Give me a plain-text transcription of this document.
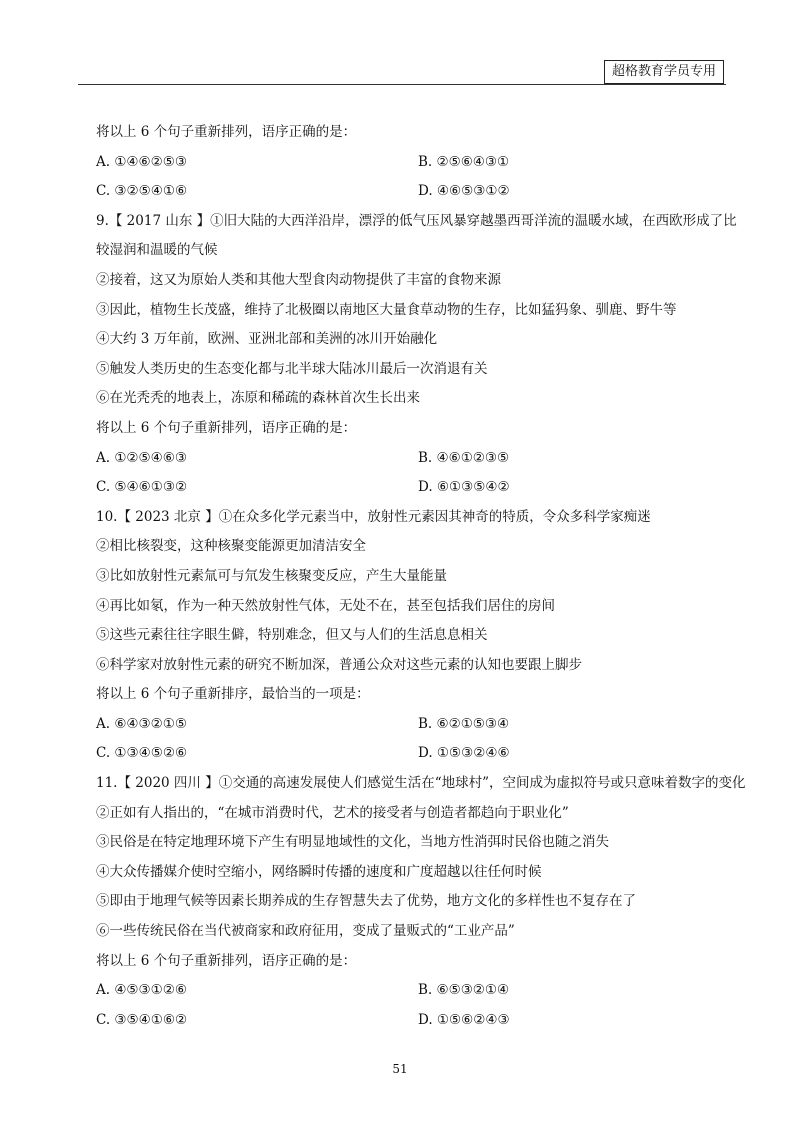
超格教育学员专用
将以上 6 个句子重新排列，语序正确的是：
A. ①④⑥②⑤③	B. ②⑤⑥④③①
C. ③②⑤④①⑥	D. ④⑥⑤③①②
9.【 2017 山东 】①旧大陆的大西洋沿岸，漂浮的低气压风暴穿越墨西哥洋流的温暖水域，在西欧形成了比
较湿润和温暖的气候
②接着，这又为原始人类和其他大型食肉动物提供了丰富的食物来源
③因此，植物生长茂盛，维持了北极圈以南地区大量食草动物的生存，比如猛犸象、驯鹿、野牛等
④大约 3 万年前，欧洲、亚洲北部和美洲的冰川开始融化
⑤触发人类历史的生态变化都与北半球大陆冰川最后一次消退有关
⑥在光秃秃的地表上，冻原和稀疏的森林首次生长出来
将以上 6 个句子重新排列，语序正确的是：
A. ①②⑤④⑥③	B. ④⑥①②③⑤
C. ⑤④⑥①③②	D. ⑥①③⑤④②
10.【 2023 北京 】①在众多化学元素当中，放射性元素因其神奇的特质，令众多科学家痴迷
②相比核裂变，这种核聚变能源更加清洁安全
③比如放射性元素氚可与氘发生核聚变反应，产生大量能量
④再比如氡，作为一种天然放射性气体，无处不在，甚至包括我们居住的房间
⑤这些元素往往字眼生僻，特别难念，但又与人们的生活息息相关
⑥科学家对放射性元素的研究不断加深，普通公众对这些元素的认知也要跟上脚步
将以上 6 个句子重新排序，最恰当的一项是：
A. ⑥④③②①⑤	B. ⑥②①⑤③④
C. ①③④⑤②⑥	D. ①⑤③②④⑥
11.【 2020 四川 】①交通的高速发展使人们感觉生活在“地球村”，空间成为虚拟符号或只意味着数字的变化
②正如有人指出的，“在城市消费时代，艺术的接受者与创造者都趋向于职业化”
③民俗是在特定地理环境下产生有明显地域性的文化，当地方性消弭时民俗也随之消失
④大众传播媒介使时空缩小，网络瞬时传播的速度和广度超越以往任何时候
⑤即由于地理气候等因素长期养成的生存智慧失去了优势，地方文化的多样性也不复存在了
⑥一些传统民俗在当代被商家和政府征用，变成了量贩式的“工业产品”
将以上 6 个句子重新排列，语序正确的是：
A. ④⑤③①②⑥	B. ⑥⑤③②①④
C. ③⑤④①⑥②	D. ①⑤⑥②④③
51
